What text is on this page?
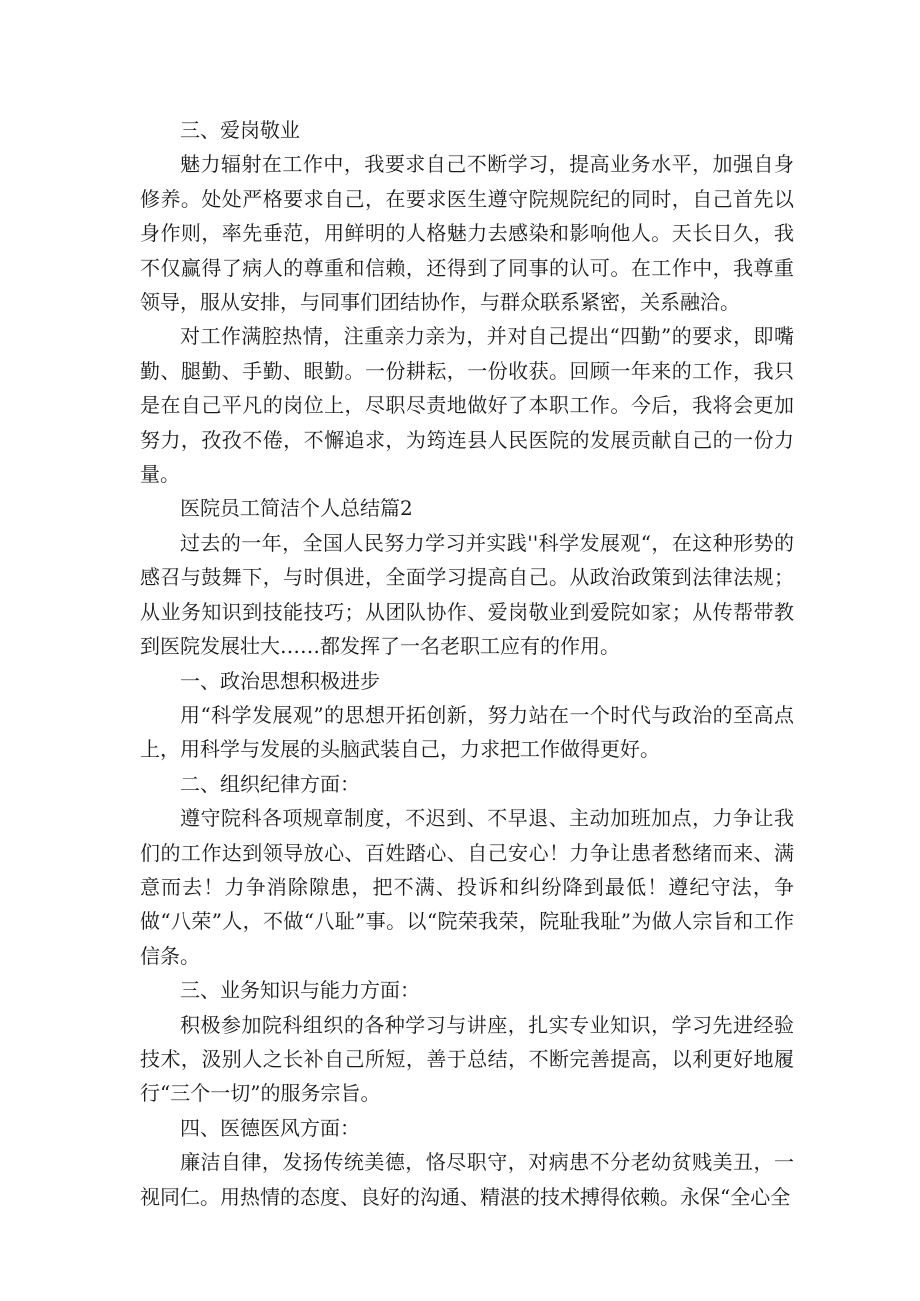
三、爱岗敬业

魅力辐射在工作中，我要求自己不断学习，提高业务水平，加强自身修养。处处严格要求自己，在要求医生遵守院规院纪的同时，自己首先以身作则，率先垂范，用鲜明的人格魅力去感染和影响他人。天长日久，我不仅赢得了病人的尊重和信赖，还得到了同事的认可。在工作中，我尊重领导，服从安排，与同事们团结协作，与群众联系紧密，关系融洽。

对工作满腔热情，注重亲力亲为，并对自己提出“四勤”的要求，即嘴勤、腿勤、手勤、眼勤。一份耕耘，一份收获。回顾一年来的工作，我只是在自己平凡的岗位上，尽职尽责地做好了本职工作。今后，我将会更加努力，孜孜不倦，不懈追求，为筠连县人民医院的发展贡献自己的一份力量。

医院员工简洁个人总结篇2

过去的一年，全国人民努力学习并实践''科学发展观“，在这种形势的感召与鼓舞下，与时俱进，全面学习提高自己。从政治政策到法律法规；从业务知识到技能技巧；从团队协作、爱岗敬业到爱院如家；从传帮带教到医院发展壮大……都发挥了一名老职工应有的作用。

一、政治思想积极进步

用“科学发展观”的思想开拓创新，努力站在一个时代与政治的至高点上，用科学与发展的头脑武装自己，力求把工作做得更好。

二、组织纪律方面：

遵守院科各项规章制度，不迟到、不早退、主动加班加点，力争让我们的工作达到领导放心、百姓踏心、自己安心！力争让患者愁绪而来、满意而去！力争消除隙患，把不满、投诉和纠纷降到最低！遵纪守法，争做“八荣”人，不做“八耻”事。以“院荣我荣，院耻我耻”为做人宗旨和工作信条。

三、业务知识与能力方面：

积极参加院科组织的各种学习与讲座，扎实专业知识，学习先进经验技术，汲别人之长补自己所短，善于总结，不断完善提高，以利更好地履行“三个一切”的服务宗旨。

四、医德医风方面：

廉洁自律，发扬传统美德，恪尽职守，对病患不分老幼贫贱美丑，一视同仁。用热情的态度、良好的沟通、精湛的技术搏得依赖。永保“全心全
